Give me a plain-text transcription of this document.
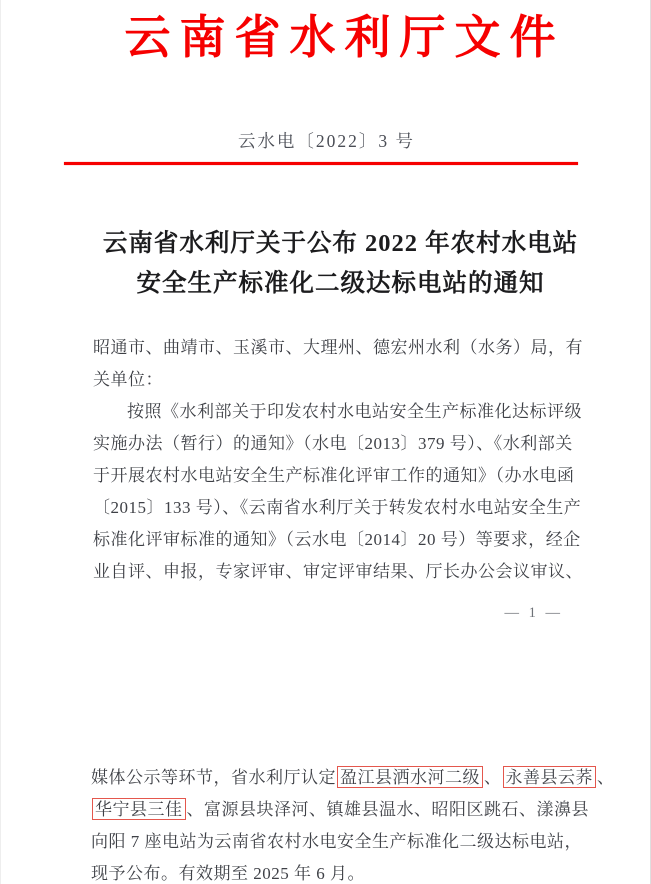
云南省水利厅文件
云水电〔2022〕3 号
云南省水利厅关于公布 2022 年农村水电站
安全生产标准化二级达标电站的通知
昭通市、曲靖市、玉溪市、大理州、德宏州水利（水务）局，有
关单位：
按照《水利部关于印发农村水电站安全生产标准化达标评级
实施办法（暂行）的通知》（水电〔2013〕379 号）、《水利部关
于开展农村水电站安全生产标准化评审工作的通知》（办水电函
〔2015〕133 号）、《云南省水利厅关于转发农村水电站安全生产
标准化评审标准的通知》（云水电〔2014〕20 号）等要求，经企
业自评、申报，专家评审、审定评审结果、厅长办公会议审议、
— 1 —
媒体公示等环节，省水利厅认定 盈江县洒水河二级 、 永善县云荞 、
华宁县三佳 、富源县块泽河、镇雄县温水、昭阳区跳石、漾濞县
向阳 7 座电站为云南省农村水电安全生产标准化二级达标电站，
现予公布。有效期至 2025 年 6 月。
